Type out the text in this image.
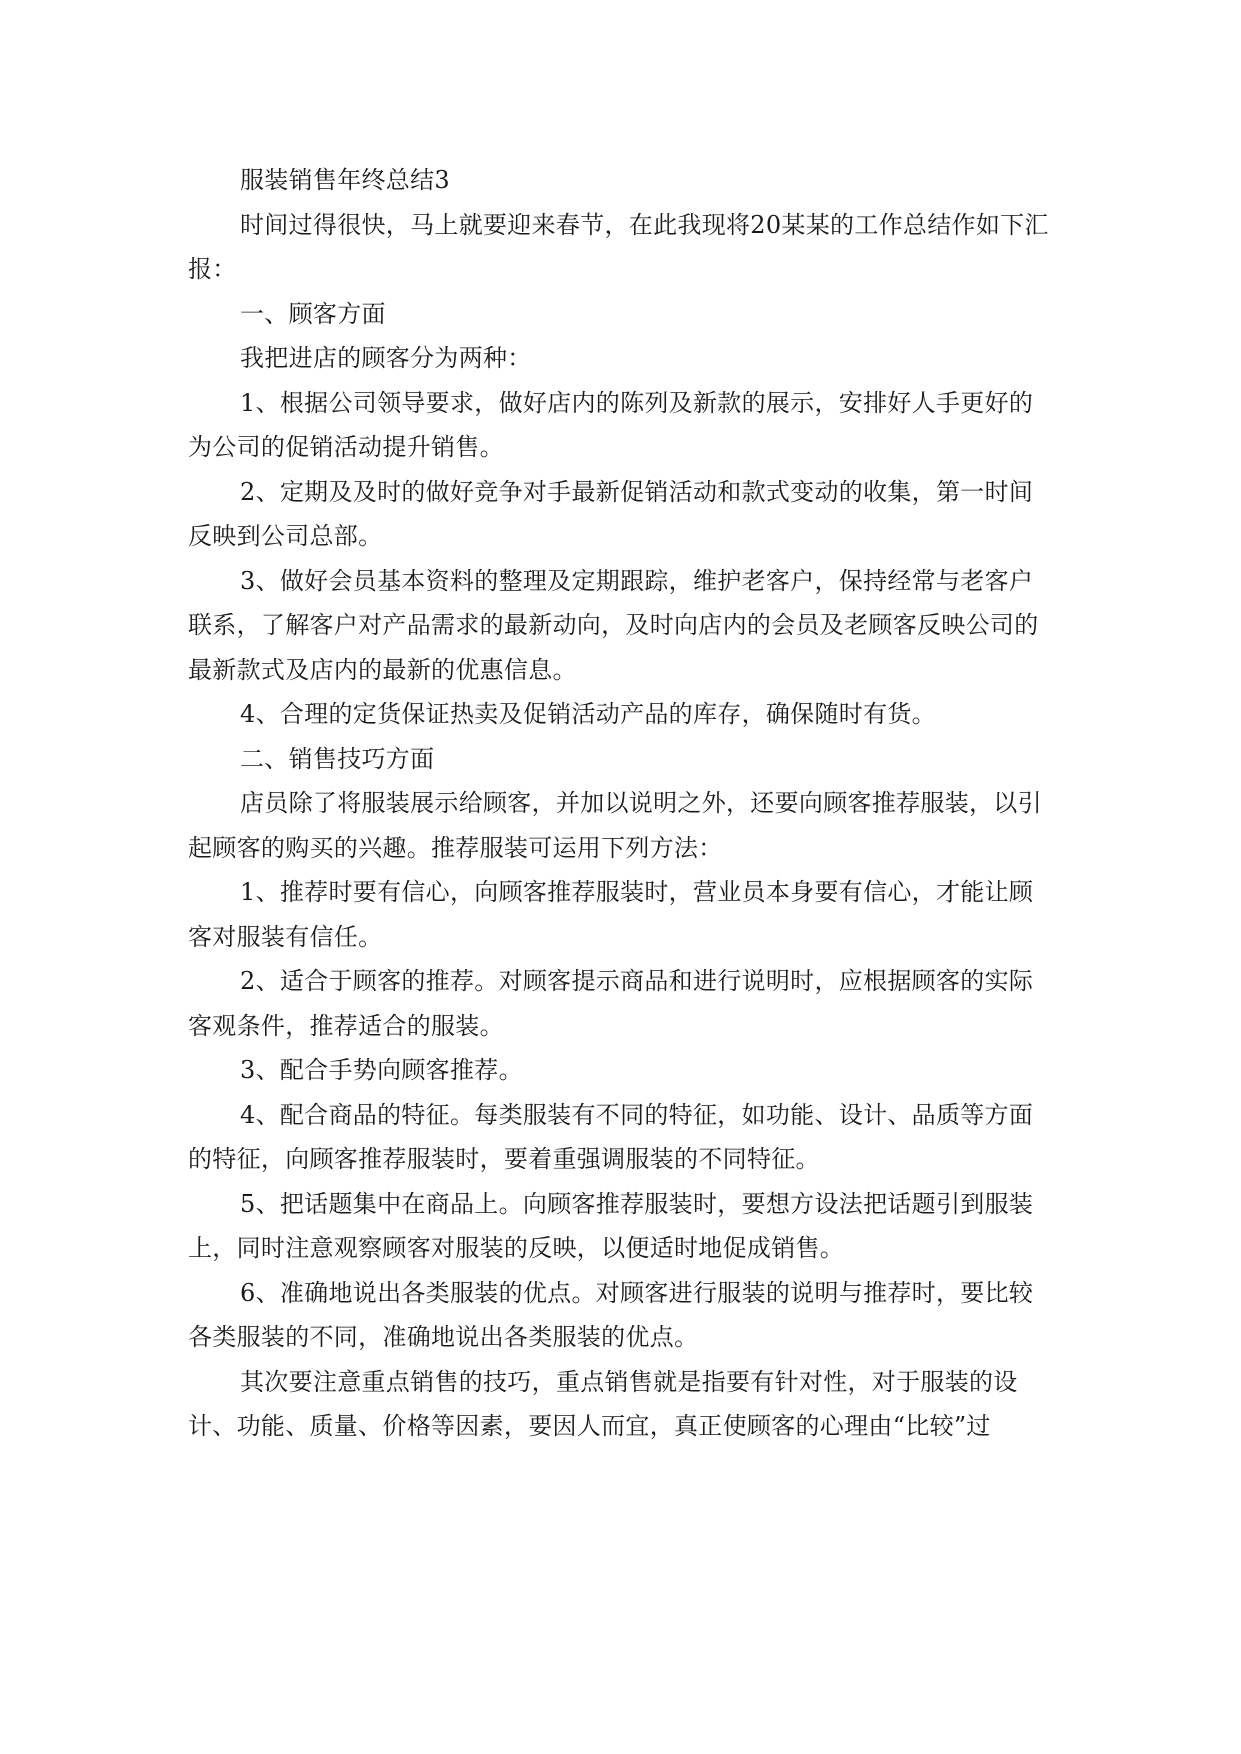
服装销售年终总结3

时间过得很快，马上就要迎来春节，在此我现将20某某的工作总结作如下汇报：

一、顾客方面

我把进店的顾客分为两种：

1、根据公司领导要求，做好店内的陈列及新款的展示，安排好人手更好的为公司的促销活动提升销售。

2、定期及及时的做好竞争对手最新促销活动和款式变动的收集，第一时间反映到公司总部。

3、做好会员基本资料的整理及定期跟踪，维护老客户，保持经常与老客户联系，了解客户对产品需求的最新动向，及时向店内的会员及老顾客反映公司的最新款式及店内的最新的优惠信息。

4、合理的定货保证热卖及促销活动产品的库存，确保随时有货。

二、销售技巧方面

店员除了将服装展示给顾客，并加以说明之外，还要向顾客推荐服装，以引起顾客的购买的兴趣。推荐服装可运用下列方法：

1、推荐时要有信心，向顾客推荐服装时，营业员本身要有信心，才能让顾客对服装有信任。

2、适合于顾客的推荐。对顾客提示商品和进行说明时，应根据顾客的实际客观条件，推荐适合的服装。

3、配合手势向顾客推荐。

4、配合商品的特征。每类服装有不同的特征，如功能、设计、品质等方面的特征，向顾客推荐服装时，要着重强调服装的不同特征。

5、把话题集中在商品上。向顾客推荐服装时，要想方设法把话题引到服装上，同时注意观察顾客对服装的反映，以便适时地促成销售。

6、准确地说出各类服装的优点。对顾客进行服装的说明与推荐时，要比较各类服装的不同，准确地说出各类服装的优点。

其次要注意重点销售的技巧，重点销售就是指要有针对性，对于服装的设计、功能、质量、价格等因素，要因人而宜，真正使顾客的心理由“比较”过
